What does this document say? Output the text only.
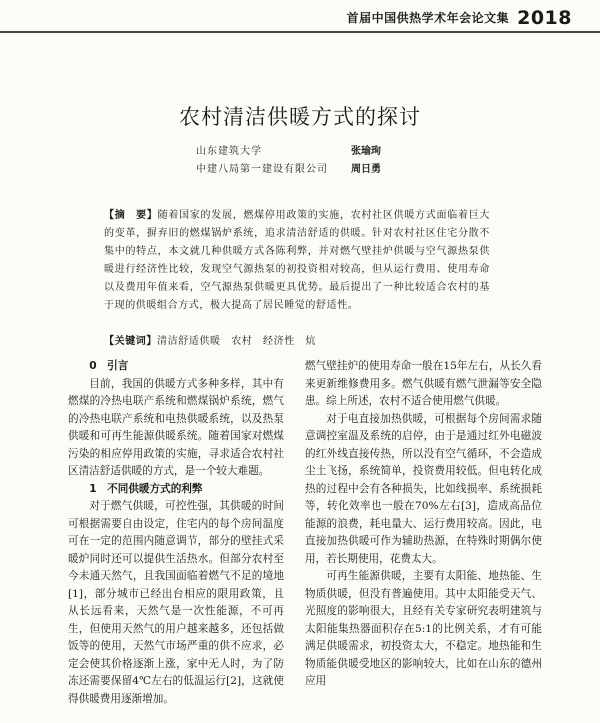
首届中国供热学术年会论文集 2018
农村清洁供暖方式的探讨
山东建筑大学	张瑜珣
中建八局第一建设有限公司	周日勇
【摘　要】随着国家的发展，燃煤停用政策的实施，农村社区供暖方式面临着巨大的变革，摒弃旧的燃煤锅炉系统，追求清洁舒适的供暖。针对农村社区住宅分散不集中的特点，本文就几种供暖方式各陈利弊，并对燃气壁挂炉供暖与空气源热泵供暖进行经济性比较，发现空气源热泵的初投资相对较高，但从运行费用、使用寿命以及费用年值来看，空气源热泵供暖更具优势。最后提出了一种比较适合农村的基于现的供暖组合方式，极大提高了居民睡觉的舒适性。
【关键词】清洁舒适供暖　农村　经济性　炕
0　引言

目前，我国的供暖方式多种多样，其中有燃煤的冷热电联产系统和燃煤锅炉系统，燃气的冷热电联产系统和电热供暖系统，以及热泵供暖和可再生能源供暖系统。随着国家对燃煤污染的相应停用政策的实施，寻求适合农村社区清洁舒适供暖的方式，是一个较大难题。

1　不同供暖方式的利弊

对于燃气供暖，可控性强，其供暖的时间可根据需要自由设定，住宅内的每个房间温度可在一定的范围内随意调节，部分的壁挂式采暖炉同时还可以提供生活热水。但部分农村至今未通天然气，且我国面临着燃气不足的境地[1]，部分城市已经出台相应的限用政策，且从长远看来，天然气是一次性能源，不可再生，但使用天然气的用户越来越多，还包括做饭等的使用，天然气市场严重的供不应求，必定会使其价格逐渐上涨，家中无人时，为了防冻还需要保留4℃左右的低温运行[2]，这就使得供暖费用逐渐增加。

燃气壁挂炉的使用寿命一般在15年左右，从长久看来更新维修费用多。燃气供暖有燃气泄漏等安全隐患。综上所述，农村不适合使用燃气供暖。

对于电直接加热供暖，可根据每个房间需求随意调控室温及系统的启停，由于是通过红外电磁波的红外线直接传热，所以没有空气循环，不会造成尘土飞扬，系统简单，投资费用较低。但电转化成热的过程中会有各种损失，比如线损率、系统损耗等，转化效率也一般在70%左右[3]，造成高品位能源的浪费，耗电量大、运行费用较高。因此，电直接加热供暖可作为辅助热源，在特殊时期偶尔使用，若长期使用，花费太大。

可再生能源供暖，主要有太阳能、地热能、生物质供暖，但没有普遍使用。其中太阳能受天气、光照度的影响很大，且经有关专家研究表明建筑与太阳能集热器面积存在5:1的比例关系，才有可能满足供暖需求，初投资太大，不稳定。地热能和生物质能供暖受地区的影响较大，比如在山东的德州应用
